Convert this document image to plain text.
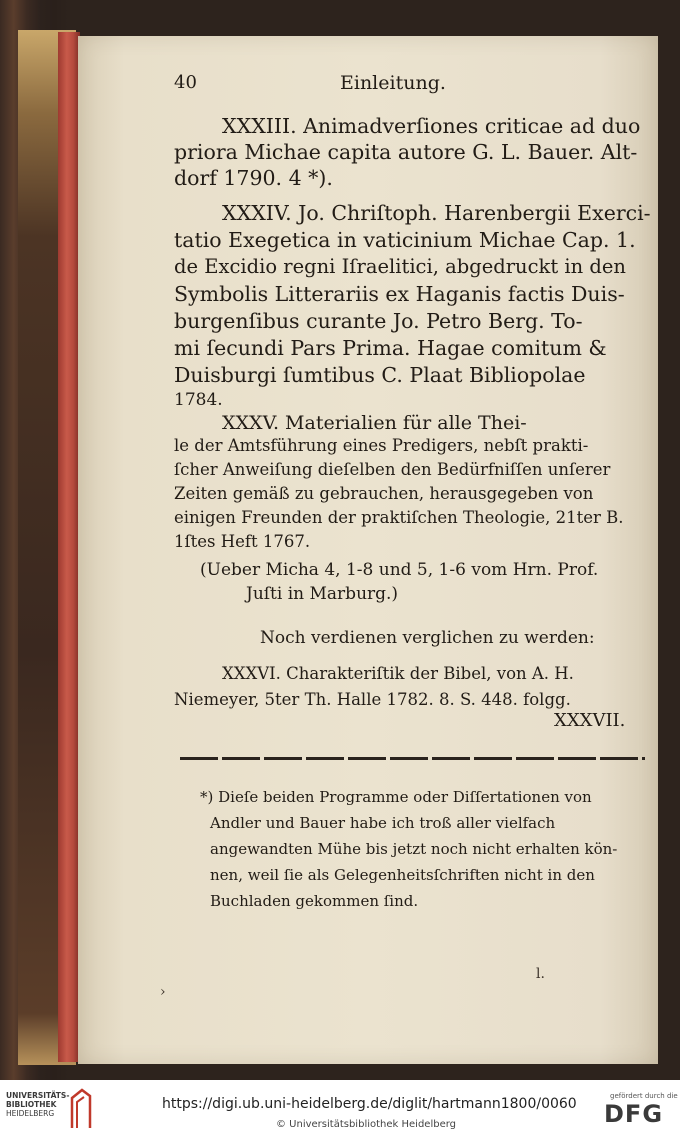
40	Einleitung.
XXXIII. Animadverſiones criticae ad duo
priora Michae capita autore G. L. Bauer. Alt-
dorf 1790. 4 *).
XXXIV. Jo. Chriſtoph. Harenbergii Exerci-
tatio Exegetica in vaticinium Michae Cap. 1.
de Excidio regni Iſraelitici, abgedruckt in den
Symbolis Litterariis ex Haganis factis Duis-
burgenſibus curante Jo. Petro Berg. To-
mi ſecundi Pars Prima. Hagae comitum &
Duisburgi ſumtibus C. Plaat Bibliopolae
1784.
XXXV. Materialien für alle Thei-
le der Amtsführung eines Predigers, nebſt prakti-
ſcher Anweiſung dieſelben den Bedürfniſſen unſerer
Zeiten gemäß zu gebrauchen, herausgegeben von
einigen Freunden der praktiſchen Theologie, 21ter B.
1ſtes Heft 1767.
(Ueber Micha 4, 1-8 und 5, 1-6 vom Hrn. Prof.
Juſti in Marburg.)
Noch verdienen verglichen zu werden:
XXXVI. Charakteriſtik der Bibel, von A. H.
Niemeyer, 5ter Th. Halle 1782. 8. S. 448. folgg.
XXXVII.
*) Dieſe beiden Programme oder Diſſertationen von
Andler und Bauer habe ich troß aller vielfach
angewandten Mühe bis jetzt noch nicht erhalten kön-
nen, weil ſie als Gelegenheitsſchriften nicht in den
Buchladen gekommen ſind.
›
l.
UNIVERSITÄTS-
BIBLIOTHEK
HEIDELBERG
https://digi.ub.uni-heidelberg.de/diglit/hartmann1800/0060
© Universitätsbibliothek Heidelberg
gefördert durch die
DFG
